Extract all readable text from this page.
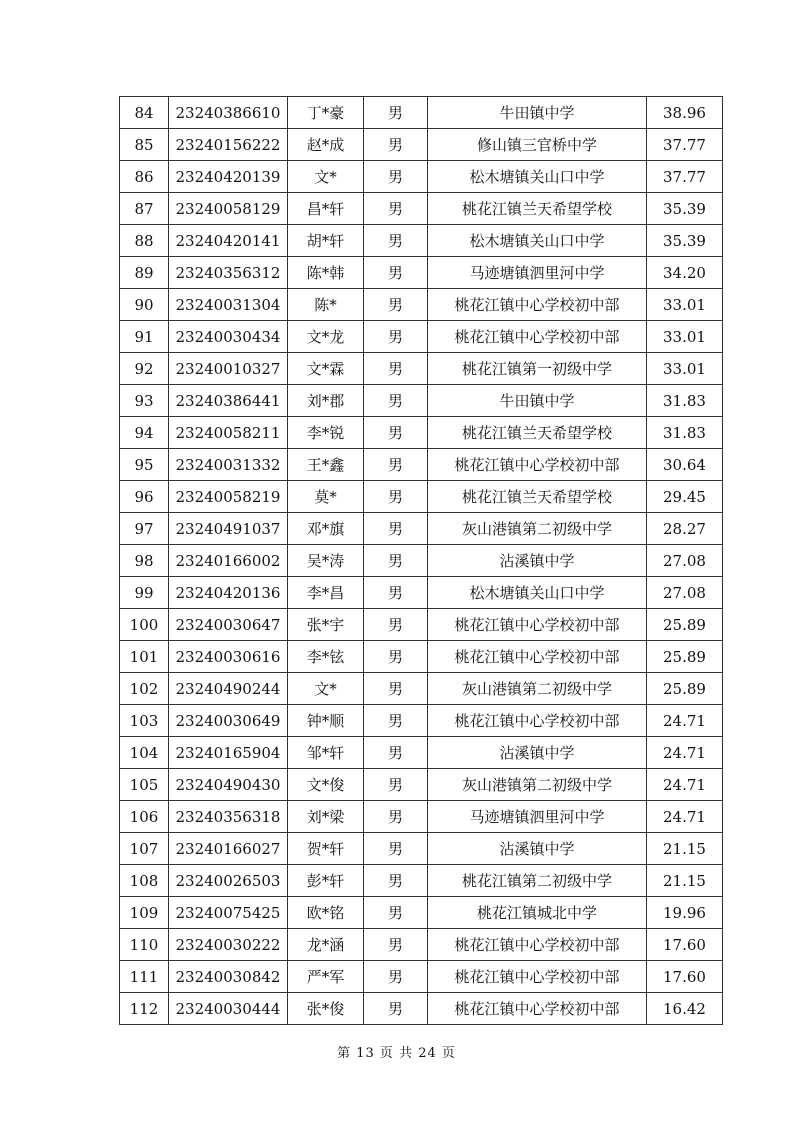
84	23240386610	丁*豪	男	牛田镇中学	38.96
85	23240156222	赵*成	男	修山镇三官桥中学	37.77
86	23240420139	文*	男	松木塘镇关山口中学	37.77
87	23240058129	昌*轩	男	桃花江镇兰天希望学校	35.39
88	23240420141	胡*轩	男	松木塘镇关山口中学	35.39
89	23240356312	陈*韩	男	马迹塘镇泗里河中学	34.20
90	23240031304	陈*	男	桃花江镇中心学校初中部	33.01
91	23240030434	文*龙	男	桃花江镇中心学校初中部	33.01
92	23240010327	文*霖	男	桃花江镇第一初级中学	33.01
93	23240386441	刘*郡	男	牛田镇中学	31.83
94	23240058211	李*锐	男	桃花江镇兰天希望学校	31.83
95	23240031332	王*鑫	男	桃花江镇中心学校初中部	30.64
96	23240058219	莫*	男	桃花江镇兰天希望学校	29.45
97	23240491037	邓*旗	男	灰山港镇第二初级中学	28.27
98	23240166002	吴*涛	男	沾溪镇中学	27.08
99	23240420136	李*昌	男	松木塘镇关山口中学	27.08
100	23240030647	张*宇	男	桃花江镇中心学校初中部	25.89
101	23240030616	李*铉	男	桃花江镇中心学校初中部	25.89
102	23240490244	文*	男	灰山港镇第二初级中学	25.89
103	23240030649	钟*顺	男	桃花江镇中心学校初中部	24.71
104	23240165904	邹*轩	男	沾溪镇中学	24.71
105	23240490430	文*俊	男	灰山港镇第二初级中学	24.71
106	23240356318	刘*梁	男	马迹塘镇泗里河中学	24.71
107	23240166027	贺*轩	男	沾溪镇中学	21.15
108	23240026503	彭*轩	男	桃花江镇第二初级中学	21.15
109	23240075425	欧*铭	男	桃花江镇城北中学	19.96
110	23240030222	龙*涵	男	桃花江镇中心学校初中部	17.60
111	23240030842	严*军	男	桃花江镇中心学校初中部	17.60
112	23240030444	张*俊	男	桃花江镇中心学校初中部	16.42
第 13 页 共 24 页
